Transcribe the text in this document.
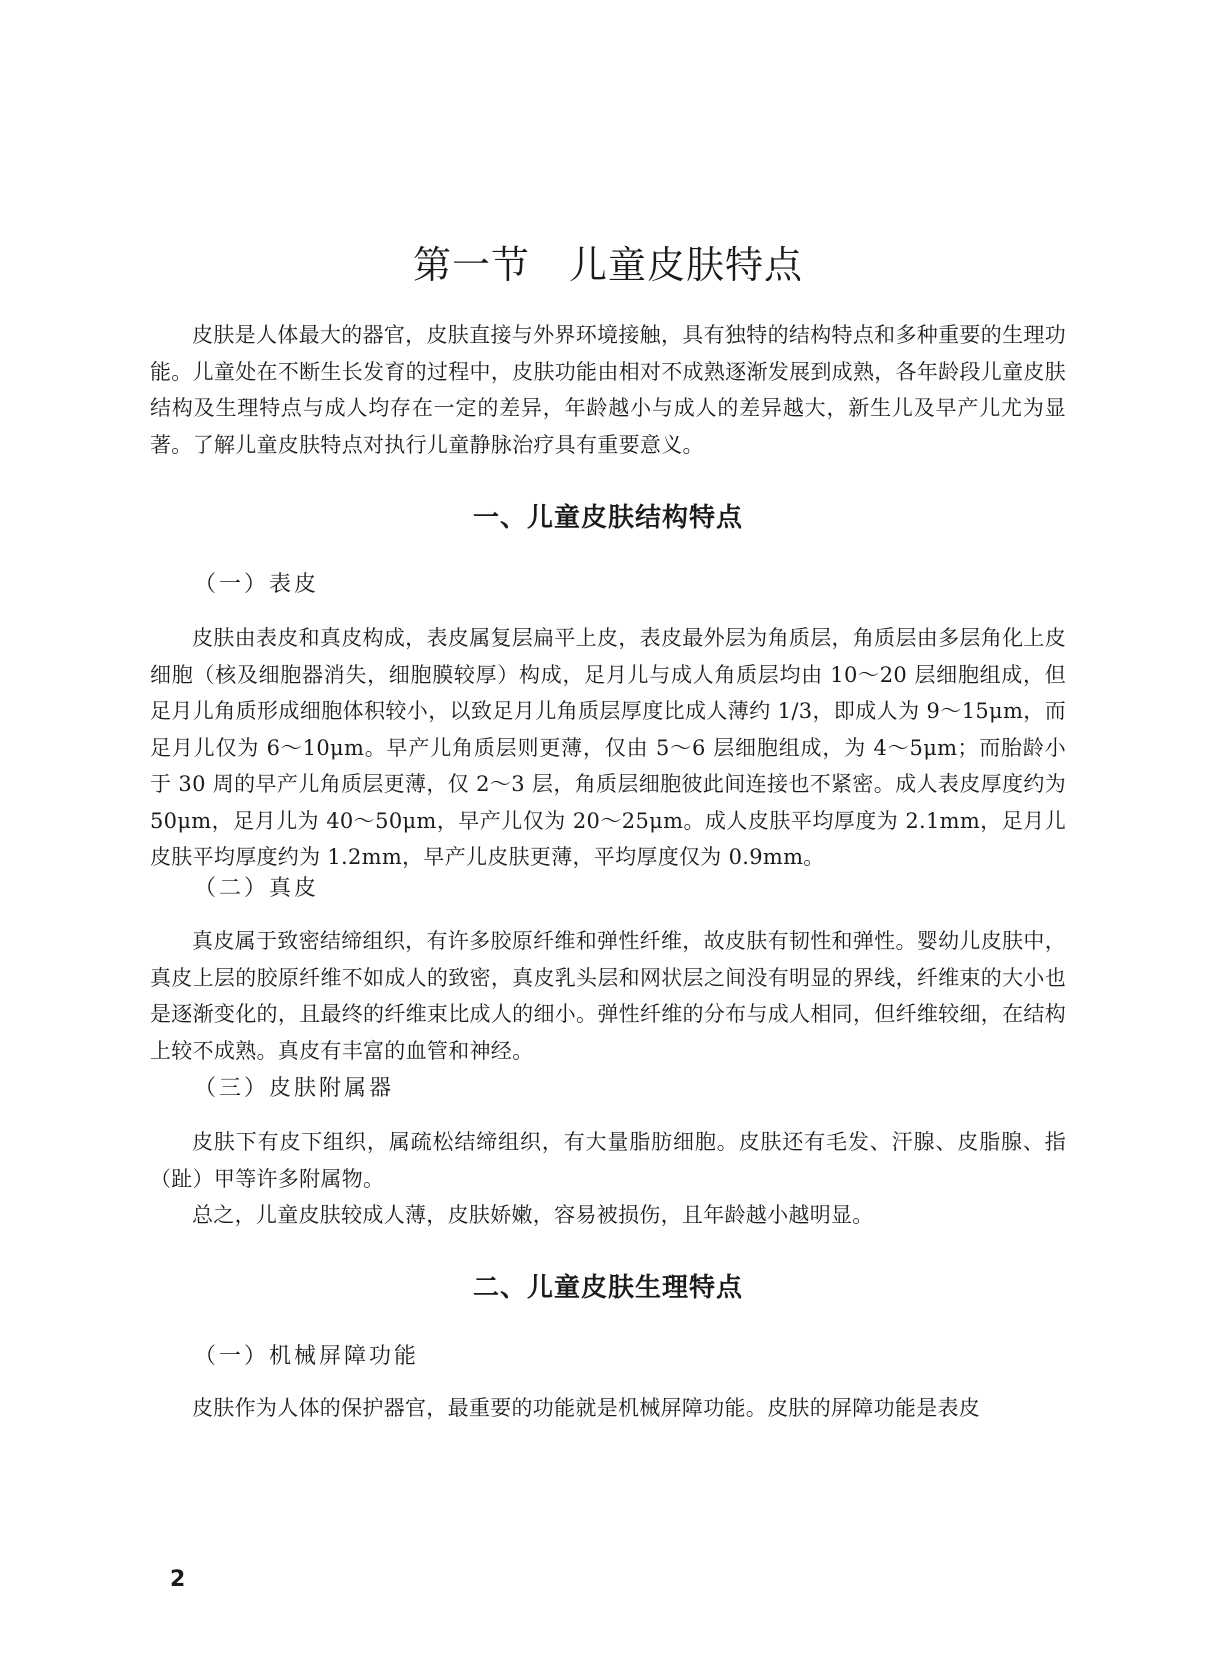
第一节　儿童皮肤特点

皮肤是人体最大的器官，皮肤直接与外界环境接触，具有独特的结构特点和多种重要的生理功能。儿童处在不断生长发育的过程中，皮肤功能由相对不成熟逐渐发展到成熟，各年龄段儿童皮肤结构及生理特点与成人均存在一定的差异，年龄越小与成人的差异越大，新生儿及早产儿尤为显著。了解儿童皮肤特点对执行儿童静脉治疗具有重要意义。

一、儿童皮肤结构特点
（一）表皮

皮肤由表皮和真皮构成，表皮属复层扁平上皮，表皮最外层为角质层，角质层由多层角化上皮细胞（核及细胞器消失，细胞膜较厚）构成，足月儿与成人角质层均由 10～20 层细胞组成，但足月儿角质形成细胞体积较小，以致足月儿角质层厚度比成人薄约 1/3，即成人为 9～15μm，而足月儿仅为 6～10μm。早产儿角质层则更薄，仅由 5～6 层细胞组成，为 4～5μm；而胎龄小于 30 周的早产儿角质层更薄，仅 2～3 层，角质层细胞彼此间连接也不紧密。成人表皮厚度约为 50μm，足月儿为 40～50μm，早产儿仅为 20～25μm。成人皮肤平均厚度为 2.1mm，足月儿皮肤平均厚度约为 1.2mm，早产儿皮肤更薄，平均厚度仅为 0.9mm。

（二）真皮

真皮属于致密结缔组织，有许多胶原纤维和弹性纤维，故皮肤有韧性和弹性。婴幼儿皮肤中，真皮上层的胶原纤维不如成人的致密，真皮乳头层和网状层之间没有明显的界线，纤维束的大小也是逐渐变化的，且最终的纤维束比成人的细小。弹性纤维的分布与成人相同，但纤维较细，在结构上较不成熟。真皮有丰富的血管和神经。

（三）皮肤附属器

皮肤下有皮下组织，属疏松结缔组织，有大量脂肪细胞。皮肤还有毛发、汗腺、皮脂腺、指（趾）甲等许多附属物。

总之，儿童皮肤较成人薄，皮肤娇嫩，容易被损伤，且年龄越小越明显。

二、儿童皮肤生理特点
（一）机械屏障功能

皮肤作为人体的保护器官，最重要的功能就是机械屏障功能。皮肤的屏障功能是表皮

2
